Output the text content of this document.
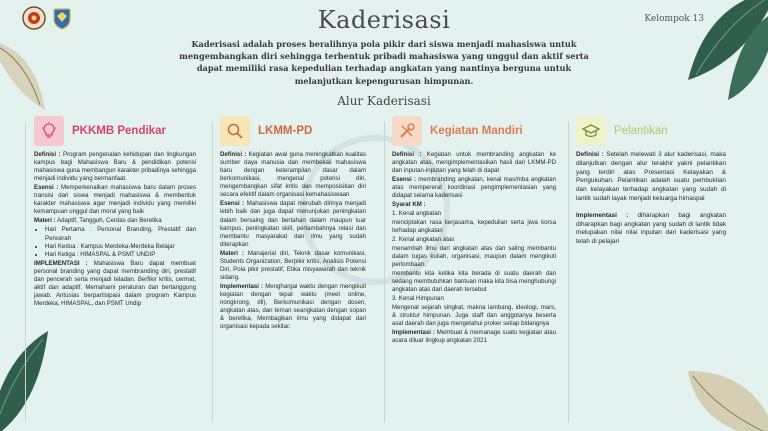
Kaderisasi	Kelompok 13
Kaderisasi adalah proses beralihnya pola pikir dari siswa menjadi mahasiswa untuk mengembangkan diri sehingga terbentuk pribadi mahasiswa yang unggul dan aktif serta dapat memiliki rasa kepedulian terhadap angkatan yang nantinya berguna untuk melanjutkan kepengurusan himpunan.
Alur Kaderisasi
PKKMB Pendikar

Definisi : Program pengenalan kehidupan dan lingkungan kampus bagi Mahasiswa Baru & pendidikan potensi mahasiswa guna membangun karakter pribadinya sehingga menjadi individu yang bermanfaat.

Esensi : Memperkenalkan mahasiswa baru dalam proses transisi dari siswa menjadi mahasiswa & membentuk karakter mahasiswa agar menjadi individu yang memiliki kemampuan unggul dan moral yang baik

Materi : Adaptif, Tangguh, Cerdas dan Beretika

• Hari Pertama : Personal Branding, Prestatif dan Pencerah
• Hari Kedua : Kampus Merdeka-Merdeka Belajar
• Hari Ketiga : HIMASPAL & PSMT UNDIP

IMPLEMENTASI : Mahasiswa Baru dapat membuat personal branding yang dapat membranding diri, prestatif dan pencerah serta menjadi teladan. Berfikir kritis, cermat, aktif dan adaptif. Memahami peraturan dan bertanggung jawab. Antusias berpartisipasi dalam program Kampus Merdeka, HIMASPAL, dan PSMT Undip

LKMM-PD

Definisi : Kegiatan awal guna meningkatkan kualitas sumber daya manusia dan membekali mahasiswa baru dengan keterampilan dasar dalam berkomunikasi, mengenal potensi diri, mengembangkan sifat kritis dan memposisikan diri secara efektif dalam organisasi kemahasiswaan

Esensi : Mahasiswa dapat merubah dirinya menjadi lebih baik dan juga dapat menunjukan peningkatan dalam bersaing dan bertahan dalam maupun luar kampus, peningkatan skill, pertambahnya relasi dan membantu masyarakat dan ilmu yang sudah diterapkan

Materi : Manajerial diri, Teknik dasar komunikasi, Students Organization, Berpikir kritis, Analisis Potensi Diri, Pola pikir prestatif, Etika misyawarah dan teknik sidang.

Implementasi : Menghargai waktu dengan mengikuti kegiatan dengan tepat waktu (meet online, nongkrong, dll), Berkomunikasi dengan dosen, angkatan atas, dan teman seangkatan dengan sopan & beretika, Membagikan ilmu yang didapat dari organisasi kepada sekitar.

Kegiatan Mandiri

Definisi : Kegiatan untuk membranding angkatan ke angkatan atas, mengimplementasikan hasil dari LKMM-PD dan inputan-inputan yang telah di dapat

Esensi : membranding angkatan, kenal mas/mba angkatan atas mempererat koordinasi pengimplementasian yang didapat selama kaderisasi

Syarat KM :

1. Kenal angkatan

menciptakan rasa kerjasama, kepedulian serta jiwa korsa terhadap angkatan

2. Kenal angkatan atas

menambah ilmu dari angkatan atas dan saling membantu dalam tugas kuliah, organisasi, maupun dalam mengikuti perlombaan.

membantu kita ketika kita berada di suatu daerah dan sedang membutuhkan bantuan maka kita bisa menghubungi angkatan atas dari daerah tersebut

3. Kenal Himpunan

Mengenal sejarah singkat, makna lambang, ideologi, mars, & struktur himpunan. Juga staff dan anggotanya beserta asal daerah dan juga mengetahui proker setiap bidangnya

Implementasi : Membuat & memanage suatu kegiatan atau acara diluar lingkup angkatan 2021

Pelantikan

Definisi : Setelah melewati 3 alur kaderisasi, maka dilanjutkan dengan alur terakhir yakni pelantikan yang terdiri atas Presentasi Kelayakan & Pengukuhan. Pelantikan adalah suatu pembuktian dan kelayakan terhadap angkatan yang sudah di lantik sudah layak menjadi keluarga himaspal

Implementasi : diharapkan bagi angkatan diharapkan bagi angkatan yang sudah di lantik tidak melupakan nilai nilai inputan dari kaderisasi yang telah di pelajari
